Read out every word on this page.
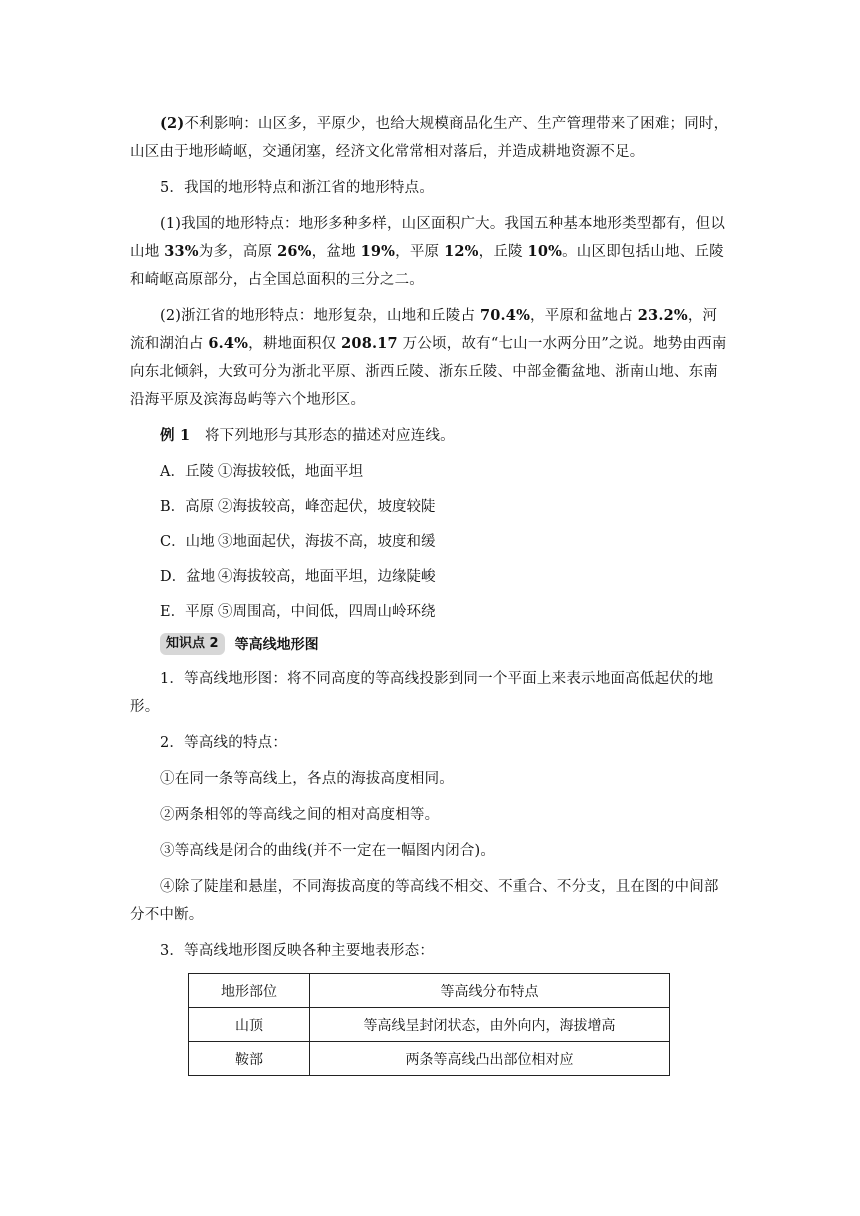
(2)不利影响：山区多，平原少，也给大规模商品化生产、生产管理带来了困难；同时，山区由于地形崎岖，交通闭塞，经济文化常常相对落后，并造成耕地资源不足。

5．我国的地形特点和浙江省的地形特点。

(1)我国的地形特点：地形多种多样，山区面积广大。我国五种基本地形类型都有，但以山地 33%为多，高原 26%，盆地 19%，平原 12%，丘陵 10%。山区即包括山地、丘陵和崎岖高原部分，占全国总面积的三分之二。

(2)浙江省的地形特点：地形复杂，山地和丘陵占 70.4%，平原和盆地占 23.2%，河流和湖泊占 6.4%，耕地面积仅 208.17 万公顷，故有“七山一水两分田”之说。地势由西南向东北倾斜，大致可分为浙北平原、浙西丘陵、浙东丘陵、中部金衢盆地、浙南山地、东南沿海平原及滨海岛屿等六个地形区。

例 1　将下列地形与其形态的描述对应连线。

A．丘陵 ①海拔较低，地面平坦
B．高原 ②海拔较高，峰峦起伏，坡度较陡
C．山地 ③地面起伏，海拔不高，坡度和缓
D．盆地 ④海拔较高，地面平坦，边缘陡峻
E．平原 ⑤周围高，中间低，四周山岭环绕
知识点 2	等高线地形图

1．等高线地形图：将不同高度的等高线投影到同一个平面上来表示地面高低起伏的地形。

2．等高线的特点：

①在同一条等高线上，各点的海拔高度相同。

②两条相邻的等高线之间的相对高度相等。

③等高线是闭合的曲线(并不一定在一幅图内闭合)。

④除了陡崖和悬崖，不同海拔高度的等高线不相交、不重合、不分支，且在图的中间部分不中断。

3．等高线地形图反映各种主要地表形态：

地形部位	等高线分布特点
山顶	等高线呈封闭状态，由外向内，海拔增高
鞍部	两条等高线凸出部位相对应
